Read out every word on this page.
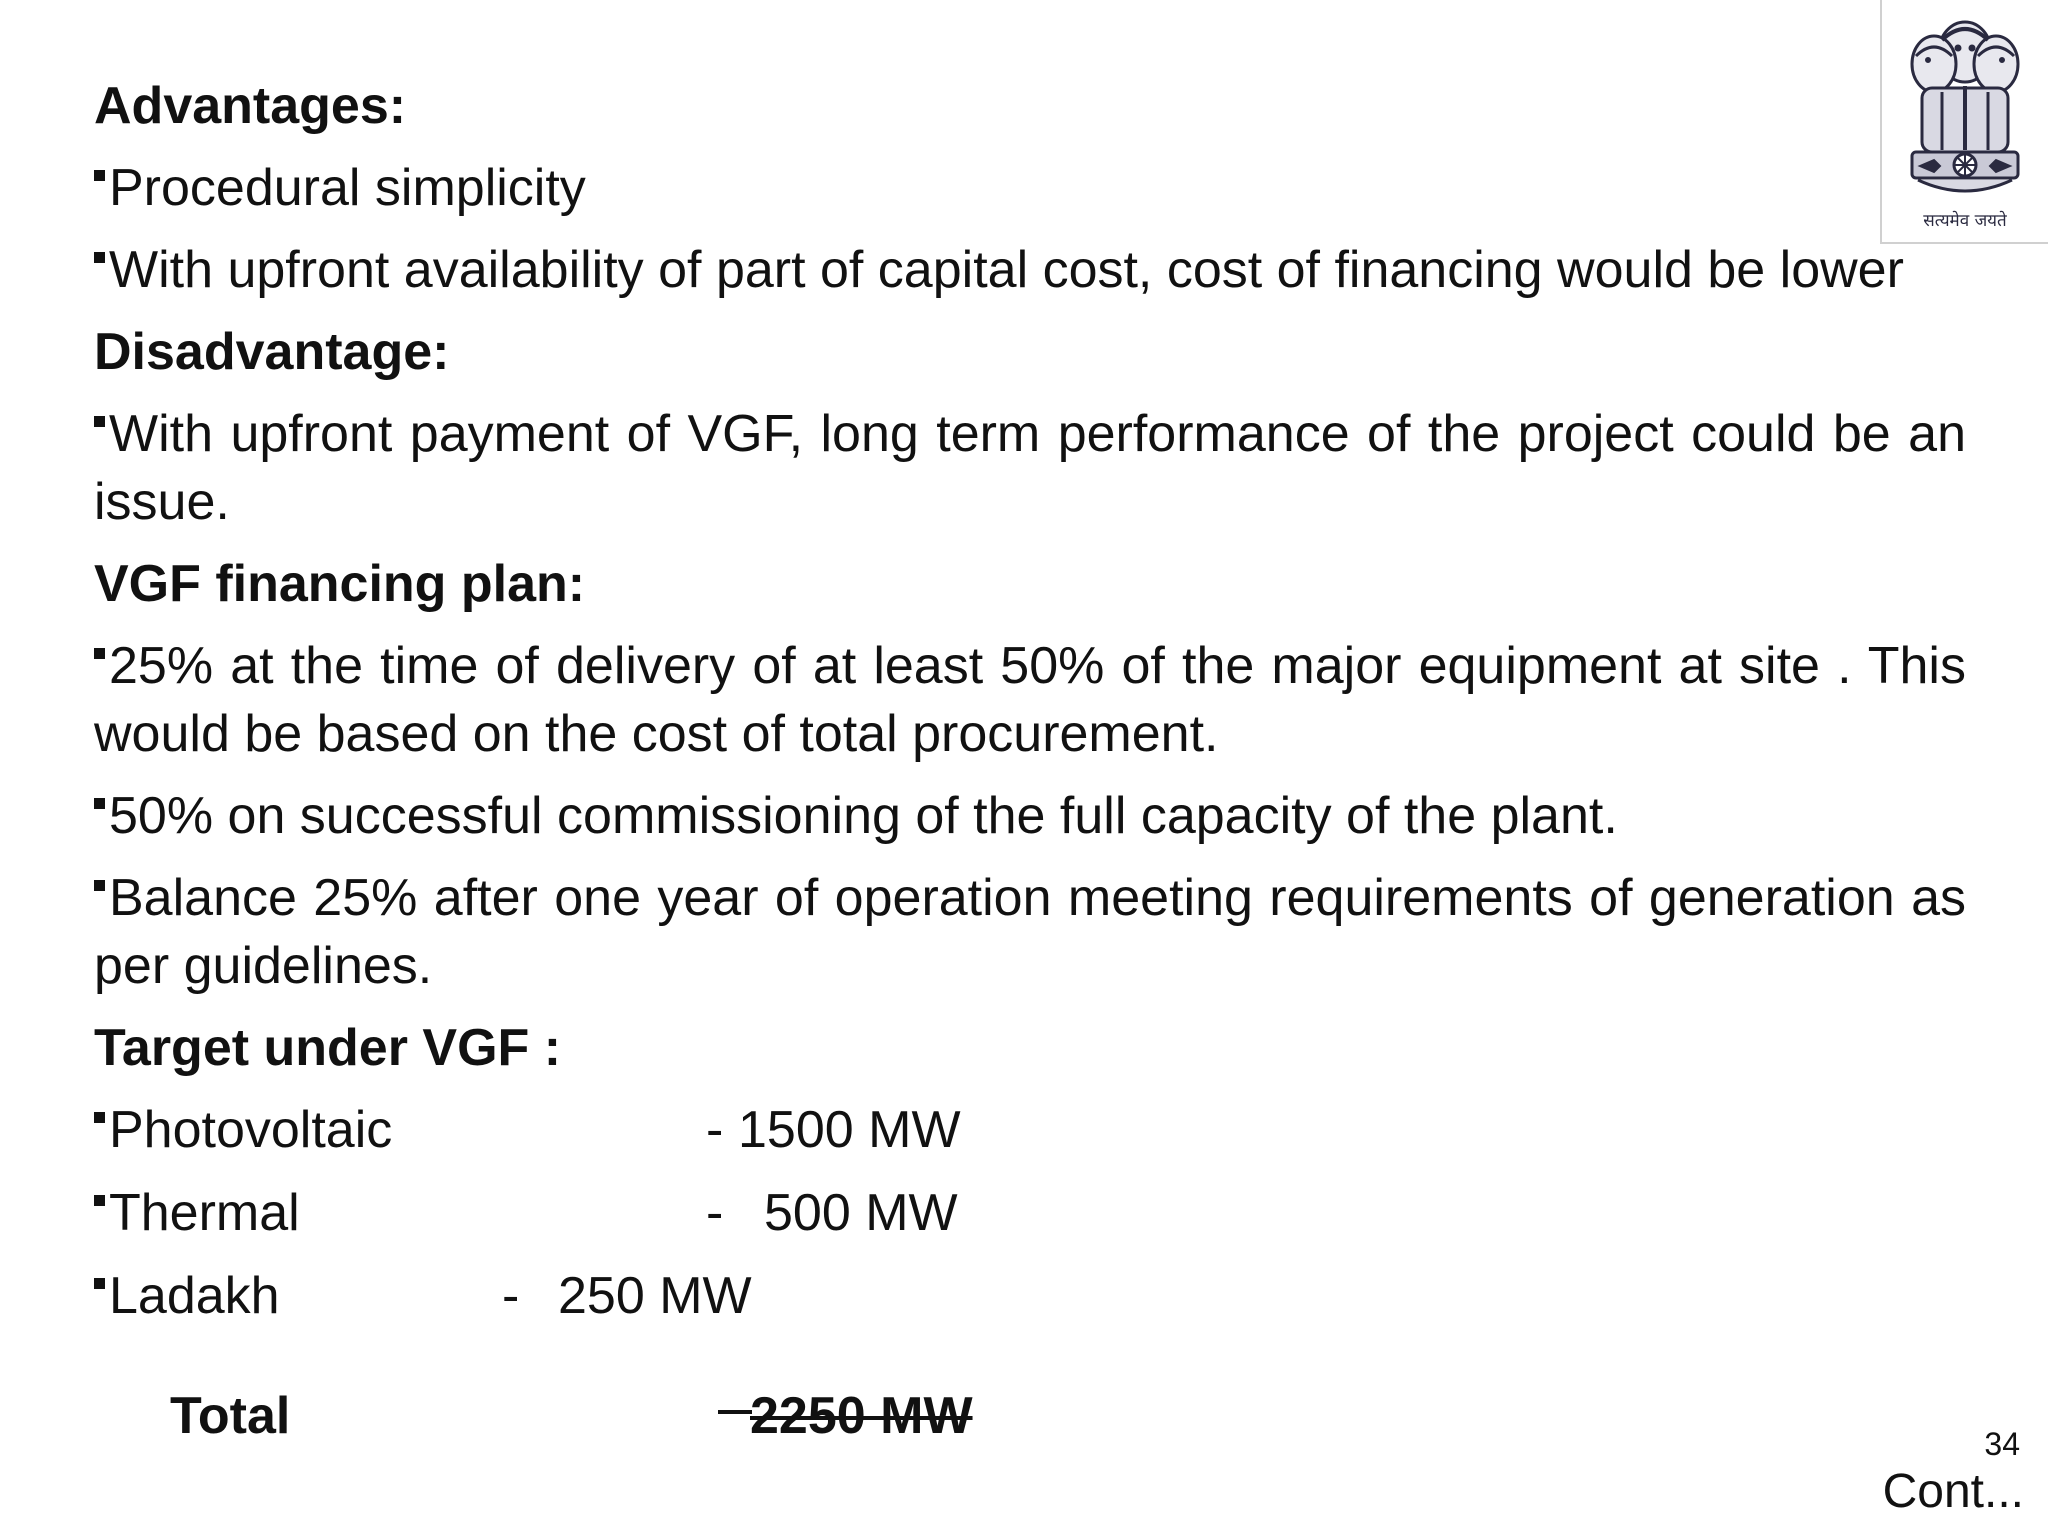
सत्यमेव जयते
Advantages:
Procedural simplicity
With upfront availability of part of capital cost, cost of financing would be lower
Disadvantage:
With upfront payment of VGF, long term performance of the project could be an issue.
VGF financing plan:
25% at the time of delivery of at least 50% of the major equipment at site . This would be based on the cost of total procurement.
50% on successful commissioning of the full capacity of the plant.
Balance 25% after one year of operation meeting requirements of generation as per guidelines.
Target under VGF :
Photovoltaic	- 1500 MW
Thermal	- 500 MW
Ladakh	- 250 MW
Total	2250 MW	34
Cont...
